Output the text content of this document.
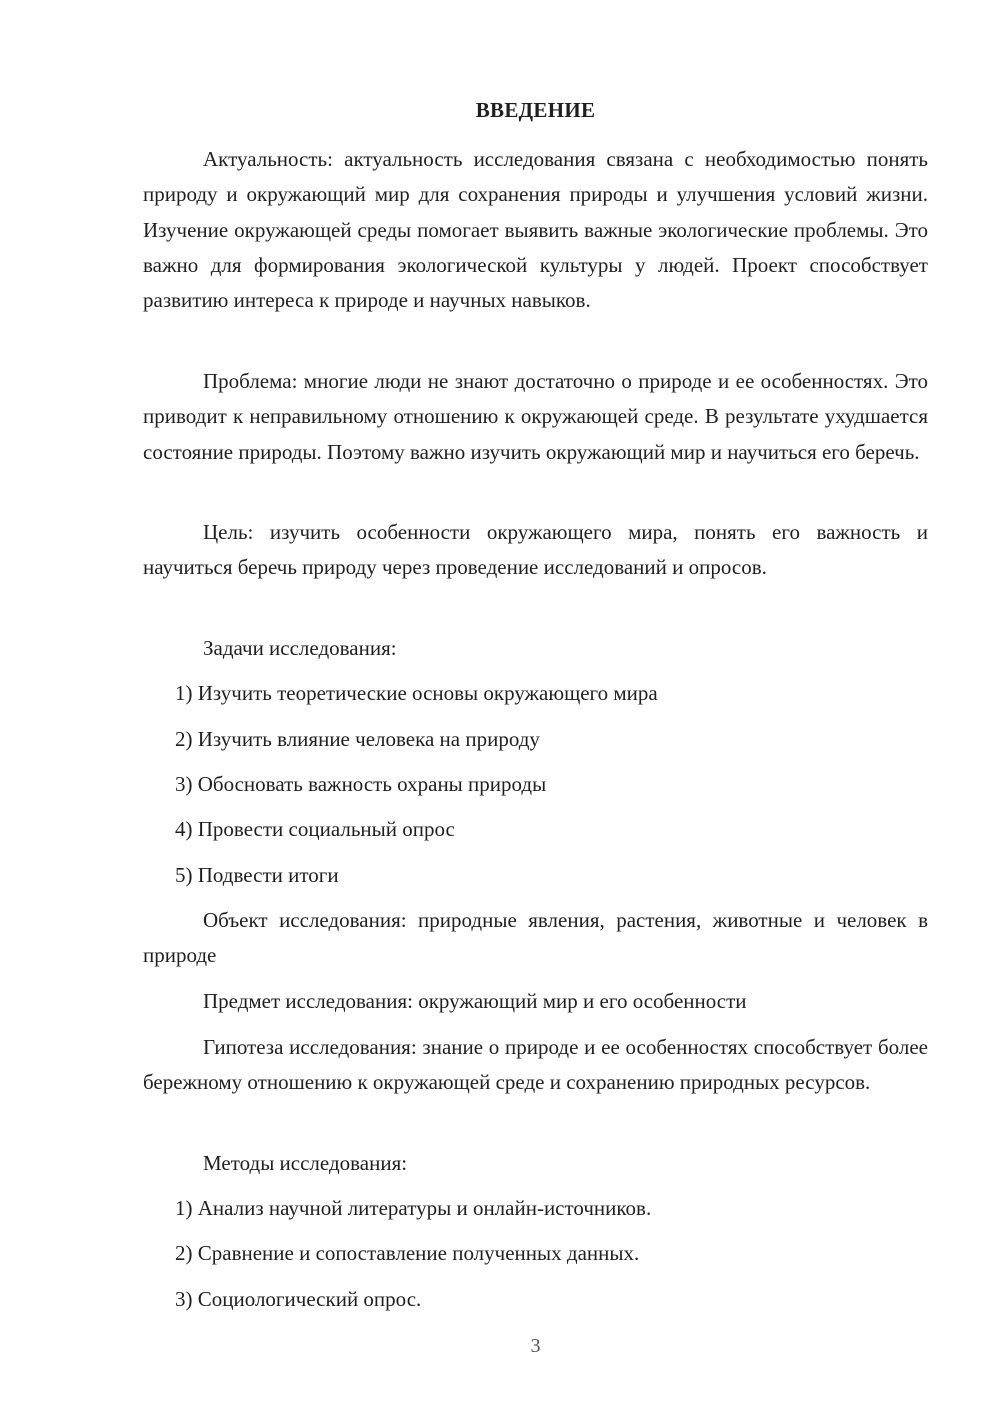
ВВЕДЕНИЕ

Актуальность: актуальность исследования связана с необходимостью понять природу и окружающий мир для сохранения природы и улучшения условий жизни. Изучение окружающей среды помогает выявить важные экологические проблемы. Это важно для формирования экологической культуры у людей. Проект способствует развитию интереса к природе и научных навыков.

Проблема: многие люди не знают достаточно о природе и ее особенностях. Это приводит к неправильному отношению к окружающей среде. В результате ухудшается состояние природы. Поэтому важно изучить окружающий мир и научиться его беречь.

Цель: изучить особенности окружающего мира, понять его важность и научиться беречь природу через проведение исследований и опросов.

Задачи исследования:

1) Изучить теоретические основы окружающего мира
2) Изучить влияние человека на природу
3) Обосновать важность охраны природы
4) Провести социальный опрос
5) Подвести итоги

Объект исследования: природные явления, растения, животные и человек в природе

Предмет исследования: окружающий мир и его особенности

Гипотеза исследования: знание о природе и ее особенностях способствует более бережному отношению к окружающей среде и сохранению природных ресурсов.

Методы исследования:

1) Анализ научной литературы и онлайн-источников.
2) Сравнение и сопоставление полученных данных.
3) Социологический опрос.
3
